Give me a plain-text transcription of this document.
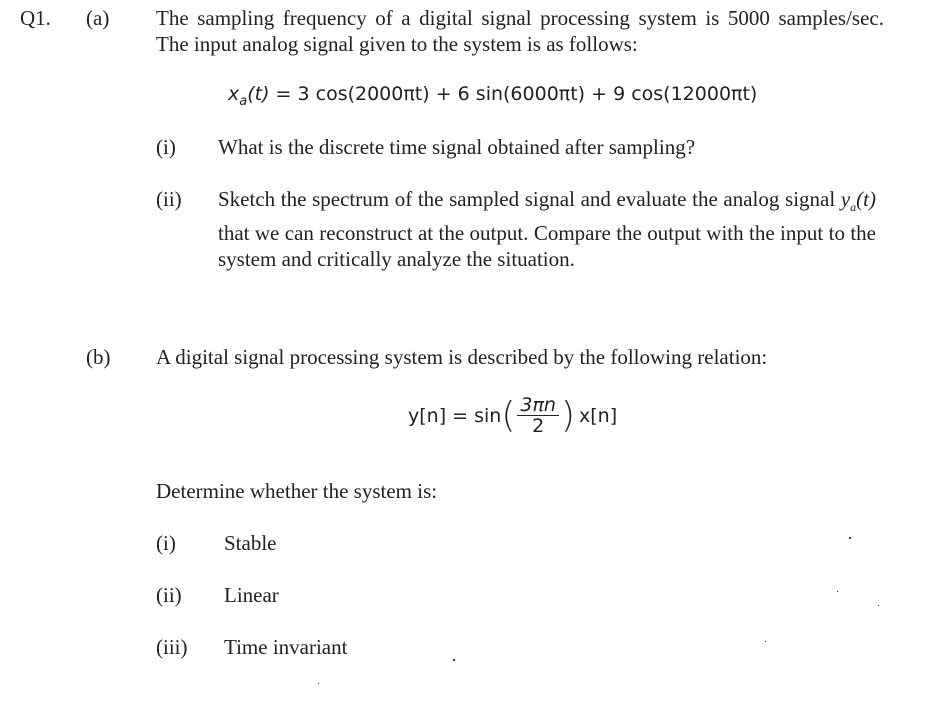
Q1. (a) The sampling frequency of a digital signal processing system is 5000 samples/sec. The input analog signal given to the system is as follows:
$x_a(t) = 3$ cos(2000πt) + 6 sin(6000πt) + 9 cos(12000πt)
(i) What is the discrete time signal obtained after sampling?
(ii) Sketch the spectrum of the sampled signal and evaluate the analog signal $y_a(t)$ that we can reconstruct at the output. Compare the output with the input to the system and critically analyze the situation.
(b) A digital signal processing system is described by the following relation:
y[n] = sin ( $\frac{3\pi n}{2}$ ) x[n]
Determine whether the system is:
(i) Stable
(ii) Linear
(iii) Time invariant
